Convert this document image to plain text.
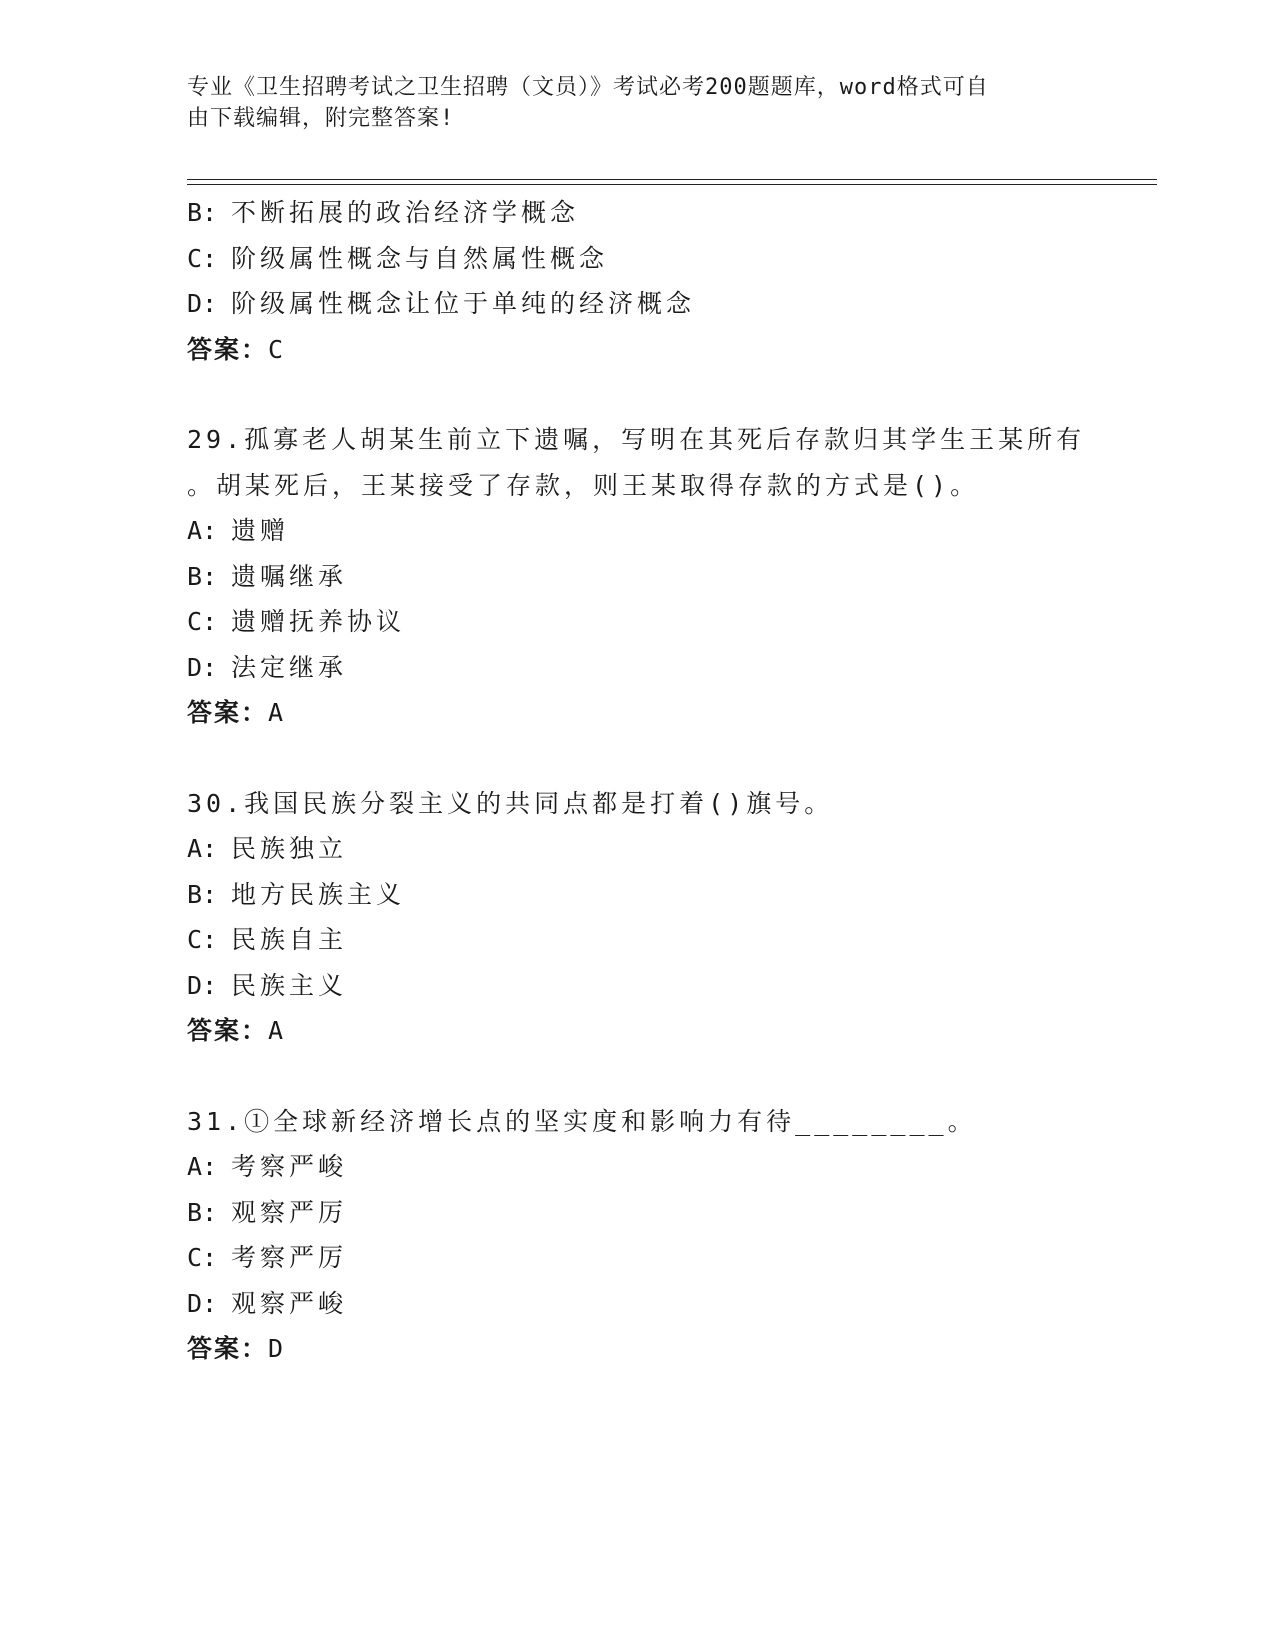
专业《卫生招聘考试之卫生招聘（文员）》考试必考200题题库，word格式可自
由下载编辑，附完整答案!
B: 不断拓展的政治经济学概念
C: 阶级属性概念与自然属性概念
D: 阶级属性概念让位于单纯的经济概念
答案：C
29.孤寡老人胡某生前立下遗嘱，写明在其死后存款归其学生王某所有
。胡某死后，王某接受了存款，则王某取得存款的方式是()。
A: 遗赠
B: 遗嘱继承
C: 遗赠抚养协议
D: 法定继承
答案：A
30.我国民族分裂主义的共同点都是打着()旗号。
A: 民族独立
B: 地方民族主义
C: 民族自主
D: 民族主义
答案：A
31.①全球新经济增长点的坚实度和影响力有待________。
A: 考察严峻
B: 观察严厉
C: 考察严厉
D: 观察严峻
答案：D
